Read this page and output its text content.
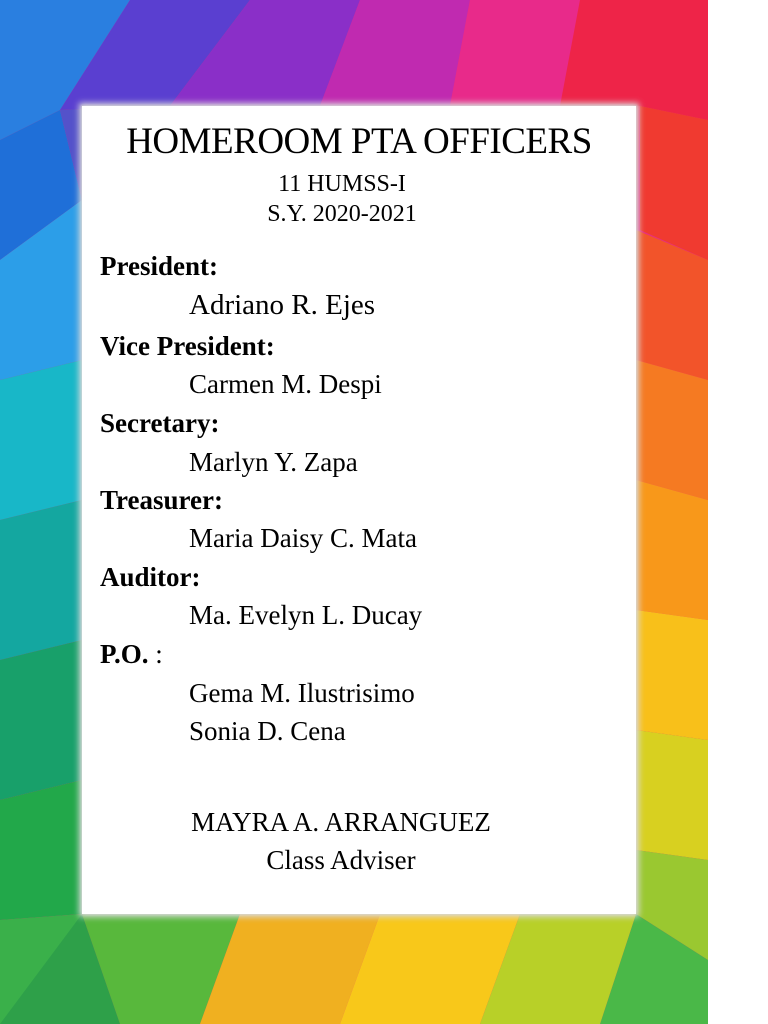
HOMEROOM PTA OFFICERS
11 HUMSS-I
S.Y. 2020-2021
President:
Adriano R. Ejes
Vice President:
Carmen M. Despi
Secretary:
Marlyn Y. Zapa
Treasurer:
Maria Daisy C. Mata
Auditor:
Ma. Evelyn L. Ducay
P.O. :
Gema M. Ilustrisimo
Sonia D. Cena
MAYRA A. ARRANGUEZ
Class Adviser
